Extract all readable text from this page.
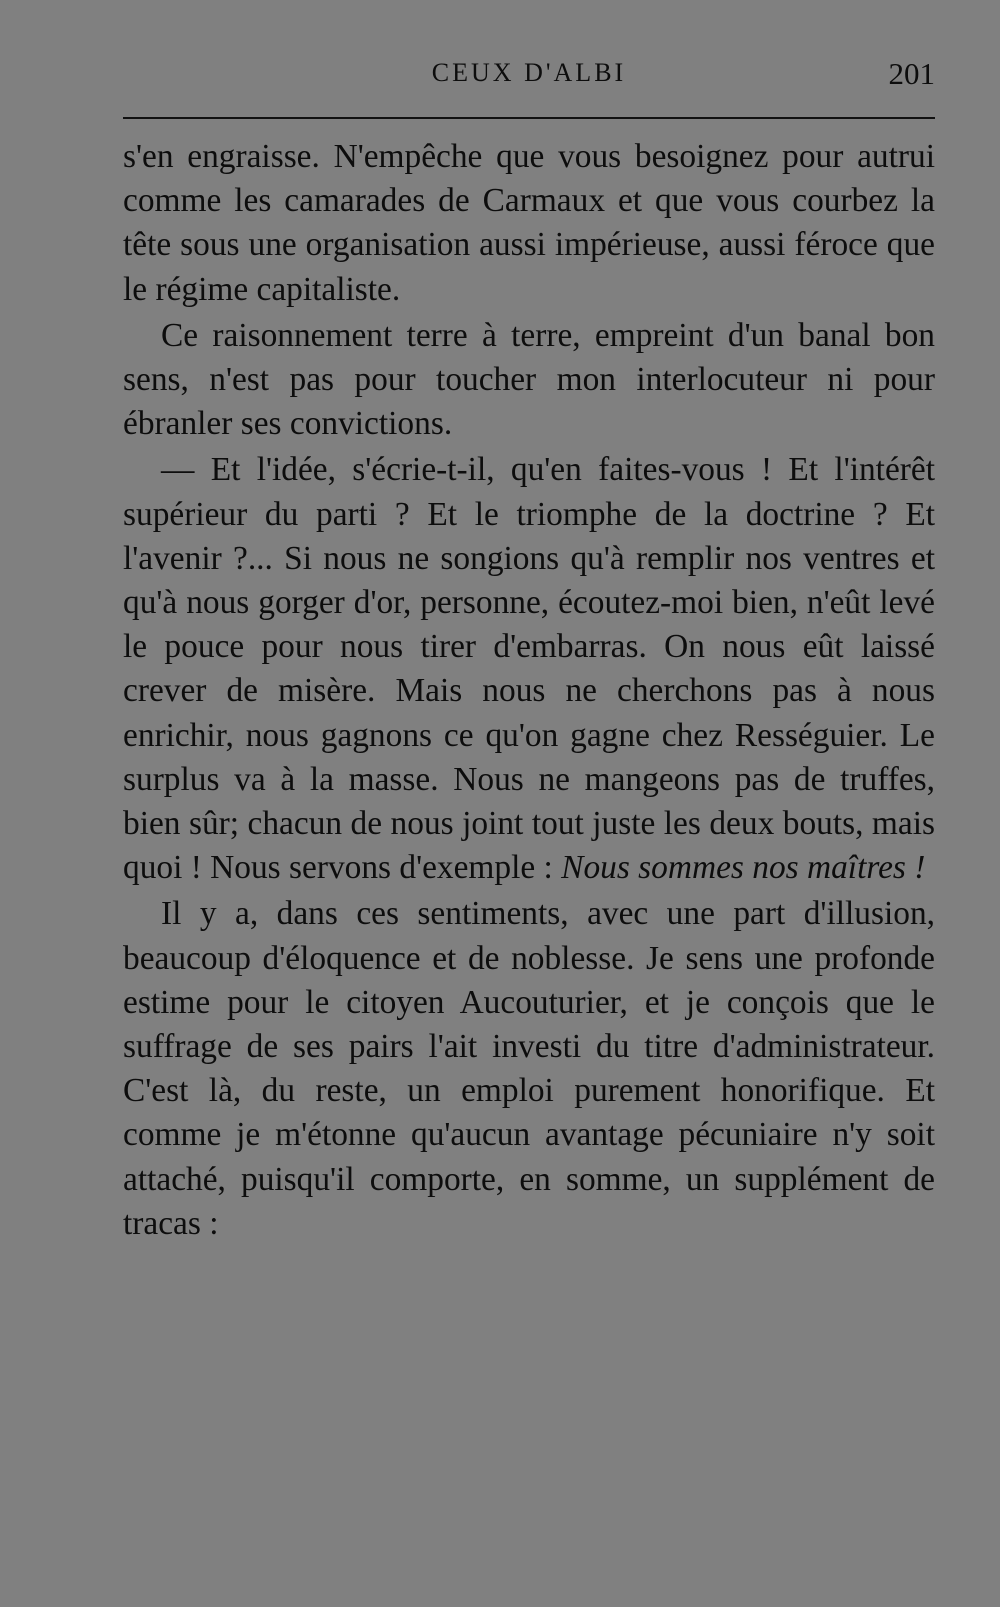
CEUX D'ALBI	201

s'en engraisse. N'empêche que vous besoignez pour autrui comme les camarades de Carmaux et que vous courbez la tête sous une organisation aussi impérieuse, aussi féroce que le régime capitaliste.

Ce raisonnement terre à terre, empreint d'un banal bon sens, n'est pas pour toucher mon interlocuteur ni pour ébranler ses convictions.

— Et l'idée, s'écrie-t-il, qu'en faites-vous ! Et l'intérêt supérieur du parti ? Et le triomphe de la doctrine ? Et l'avenir ?... Si nous ne songions qu'à remplir nos ventres et qu'à nous gorger d'or, personne, écoutez-moi bien, n'eût levé le pouce pour nous tirer d'embarras. On nous eût laissé crever de misère. Mais nous ne cherchons pas à nous enrichir, nous gagnons ce qu'on gagne chez Rességuier. Le surplus va à la masse. Nous ne mangeons pas de truffes, bien sûr; chacun de nous joint tout juste les deux bouts, mais quoi ! Nous servons d'exemple : Nous sommes nos maîtres !

Il y a, dans ces sentiments, avec une part d'illusion, beaucoup d'éloquence et de noblesse. Je sens une profonde estime pour le citoyen Aucouturier, et je conçois que le suffrage de ses pairs l'ait investi du titre d'administrateur. C'est là, du reste, un emploi purement honorifique. Et comme je m'étonne qu'aucun avantage pécuniaire n'y soit attaché, puisqu'il comporte, en somme, un supplément de tracas :
